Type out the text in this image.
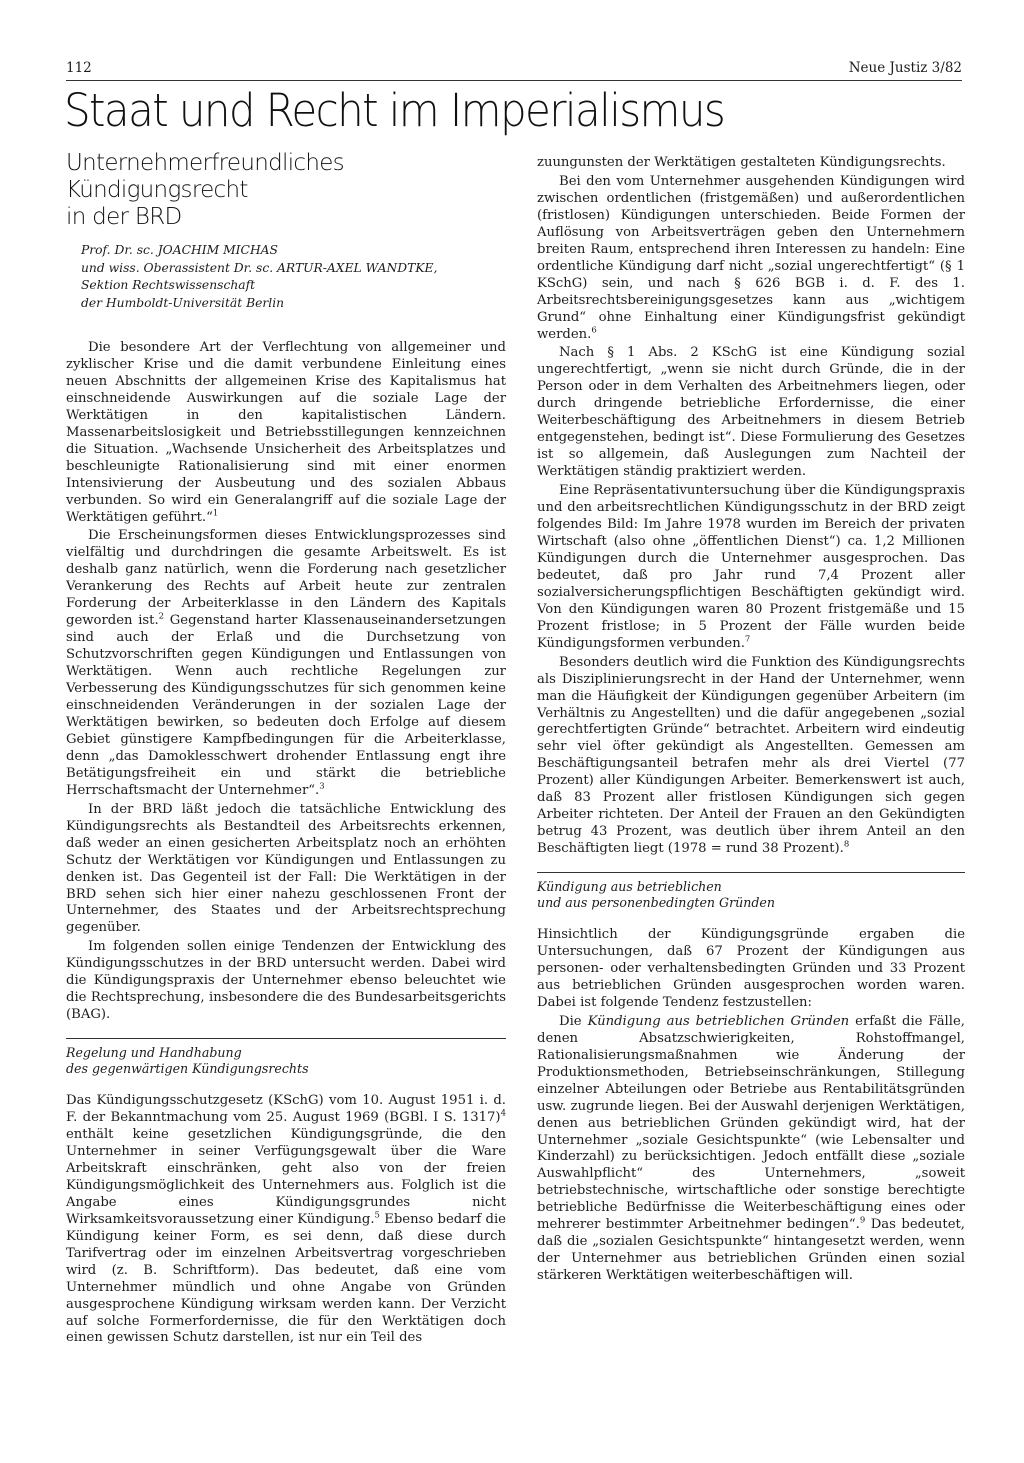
112	Neue Justiz 3/82
Staat und Recht im Imperialismus
Unternehmerfreundliches Kündigungsrecht
in der BRD
Prof. Dr. sc. JOACHIM MICHAS
und wiss. Oberassistent Dr. sc. ARTUR-AXEL WANDTKE,
Sektion Rechtswissenschaft
der Humboldt-Universität Berlin

Die besondere Art der Verflechtung von allgemeiner und zyklischer Krise und die damit verbundene Einleitung eines neuen Abschnitts der allgemeinen Krise des Kapitalismus hat einschneidende Auswirkungen auf die soziale Lage der Werktätigen in den kapitalistischen Ländern. Massenarbeitslosigkeit und Betriebsstillegungen kennzeichnen die Situation. „Wachsende Unsicherheit des Arbeitsplatzes und beschleunigte Rationalisierung sind mit einer enormen Intensivierung der Ausbeutung und des sozialen Abbaus verbunden. So wird ein Generalangriff auf die soziale Lage der Werktätigen geführt.“$^1$

Die Erscheinungsformen dieses Entwicklungsprozesses sind vielfältig und durchdringen die gesamte Arbeitswelt. Es ist deshalb ganz natürlich, wenn die Forderung nach gesetzlicher Verankerung des Rechts auf Arbeit heute zur zentralen Forderung der Arbeiterklasse in den Ländern des Kapitals geworden ist.$^2$ Gegenstand harter Klassenauseinandersetzungen sind auch der Erlaß und die Durchsetzung von Schutzvorschriften gegen Kündigungen und Entlassungen von Werktätigen. Wenn auch rechtliche Regelungen zur Verbesserung des Kündigungsschutzes für sich genommen keine einschneidenden Veränderungen in der sozialen Lage der Werktätigen bewirken, so bedeuten doch Erfolge auf diesem Gebiet günstigere Kampfbedingungen für die Arbeiterklasse, denn „das Damoklesschwert drohender Entlassung engt ihre Betätigungsfreiheit ein und stärkt die betriebliche Herrschaftsmacht der Unternehmer“.$^3$

In der BRD läßt jedoch die tatsächliche Entwicklung des Kündigungsrechts als Bestandteil des Arbeitsrechts erkennen, daß weder an einen gesicherten Arbeitsplatz noch an erhöhten Schutz der Werktätigen vor Kündigungen und Entlassungen zu denken ist. Das Gegenteil ist der Fall: Die Werktätigen in der BRD sehen sich hier einer nahezu geschlossenen Front der Unternehmer, des Staates und der Arbeitsrechtsprechung gegenüber.

Im folgenden sollen einige Tendenzen der Entwicklung des Kündigungsschutzes in der BRD untersucht werden. Dabei wird die Kündigungspraxis der Unternehmer ebenso beleuchtet wie die Rechtsprechung, insbesondere die des Bundesarbeitsgerichts (BAG).

Regelung und Handhabung
des gegenwärtigen Kündigungsrechts

Das Kündigungsschutzgesetz (KSchG) vom 10. August 1951 i. d. F. der Bekanntmachung vom 25. August 1969 (BGBl. I S. 1317)$^4$ enthält keine gesetzlichen Kündigungsgründe, die den Unternehmer in seiner Verfügungsgewalt über die Ware Arbeitskraft einschränken, geht also von der freien Kündigungsmöglichkeit des Unternehmers aus. Folglich ist die Angabe eines Kündigungsgrundes nicht Wirksamkeitsvoraussetzung einer Kündigung.$^5$ Ebenso bedarf die Kündigung keiner Form, es sei denn, daß diese durch Tarifvertrag oder im einzelnen Arbeitsvertrag vorgeschrieben wird (z. B. Schriftform). Das bedeutet, daß eine vom Unternehmer mündlich und ohne Angabe von Gründen ausgesprochene Kündigung wirksam werden kann. Der Verzicht auf solche Formerfordernisse, die für den Werktätigen doch einen gewissen Schutz darstellen, ist nur ein Teil des

zuungunsten der Werktätigen gestalteten Kündigungsrechts.

Bei den vom Unternehmer ausgehenden Kündigungen wird zwischen ordentlichen (fristgemäßen) und außerordentlichen (fristlosen) Kündigungen unterschieden. Beide Formen der Auflösung von Arbeitsverträgen geben den Unternehmern breiten Raum, entsprechend ihren Interessen zu handeln: Eine ordentliche Kündigung darf nicht „sozial ungerechtfertigt“ (§ 1 KSchG) sein, und nach § 626 BGB i. d. F. des 1. Arbeitsrechtsbereinigungsgesetzes kann aus „wichtigem Grund“ ohne Einhaltung einer Kündigungsfrist gekündigt werden.$^6$

Nach § 1 Abs. 2 KSchG ist eine Kündigung sozial ungerechtfertigt, „wenn sie nicht durch Gründe, die in der Person oder in dem Verhalten des Arbeitnehmers liegen, oder durch dringende betriebliche Erfordernisse, die einer Weiterbeschäftigung des Arbeitnehmers in diesem Betrieb entgegenstehen, bedingt ist“. Diese Formulierung des Gesetzes ist so allgemein, daß Auslegungen zum Nachteil der Werktätigen ständig praktiziert werden.

Eine Repräsentativuntersuchung über die Kündigungspraxis und den arbeitsrechtlichen Kündigungsschutz in der BRD zeigt folgendes Bild: Im Jahre 1978 wurden im Bereich der privaten Wirtschaft (also ohne „öffentlichen Dienst“) ca. 1,2 Millionen Kündigungen durch die Unternehmer ausgesprochen. Das bedeutet, daß pro Jahr rund 7,4 Prozent aller sozialversicherungspflichtigen Beschäftigten gekündigt wird. Von den Kündigungen waren 80 Prozent fristgemäße und 15 Prozent fristlose; in 5 Prozent der Fälle wurden beide Kündigungsformen verbunden.$^7$

Besonders deutlich wird die Funktion des Kündigungsrechts als Disziplinierungsrecht in der Hand der Unternehmer, wenn man die Häufigkeit der Kündigungen gegenüber Arbeitern (im Verhältnis zu Angestellten) und die dafür angegebenen „sozial gerechtfertigten Gründe“ betrachtet. Arbeitern wird eindeutig sehr viel öfter gekündigt als Angestellten. Gemessen am Beschäftigungsanteil betrafen mehr als drei Viertel (77 Prozent) aller Kündigungen Arbeiter. Bemerkenswert ist auch, daß 83 Prozent aller fristlosen Kündigungen sich gegen Arbeiter richteten. Der Anteil der Frauen an den Gekündigten betrug 43 Prozent, was deutlich über ihrem Anteil an den Beschäftigten liegt (1978 = rund 38 Prozent).$^8$

Kündigung aus betrieblichen
und aus personenbedingten Gründen

Hinsichtlich der Kündigungsgründe ergaben die Untersuchungen, daß 67 Prozent der Kündigungen aus personen- oder verhaltensbedingten Gründen und 33 Prozent aus betrieblichen Gründen ausgesprochen worden waren. Dabei ist folgende Tendenz festzustellen:

Die Kündigung aus betrieblichen Gründen erfaßt die Fälle, denen Absatzschwierigkeiten, Rohstoffmangel, Rationalisierungsmaßnahmen wie Änderung der Produktionsmethoden, Betriebseinschränkungen, Stillegung einzelner Abteilungen oder Betriebe aus Rentabilitätsgründen usw. zugrunde liegen. Bei der Auswahl derjenigen Werktätigen, denen aus betrieblichen Gründen gekündigt wird, hat der Unternehmer „soziale Gesichtspunkte“ (wie Lebensalter und Kinderzahl) zu berücksichtigen. Jedoch entfällt diese „soziale Auswahlpflicht“ des Unternehmers, „soweit betriebstechnische, wirtschaftliche oder sonstige berechtigte betriebliche Bedürfnisse die Weiterbeschäftigung eines oder mehrerer bestimmter Arbeitnehmer bedingen“.$^9$ Das bedeutet, daß die „sozialen Gesichtspunkte“ hintangesetzt werden, wenn der Unternehmer aus betrieblichen Gründen einen sozial stärkeren Werktätigen weiterbeschäftigen will.
